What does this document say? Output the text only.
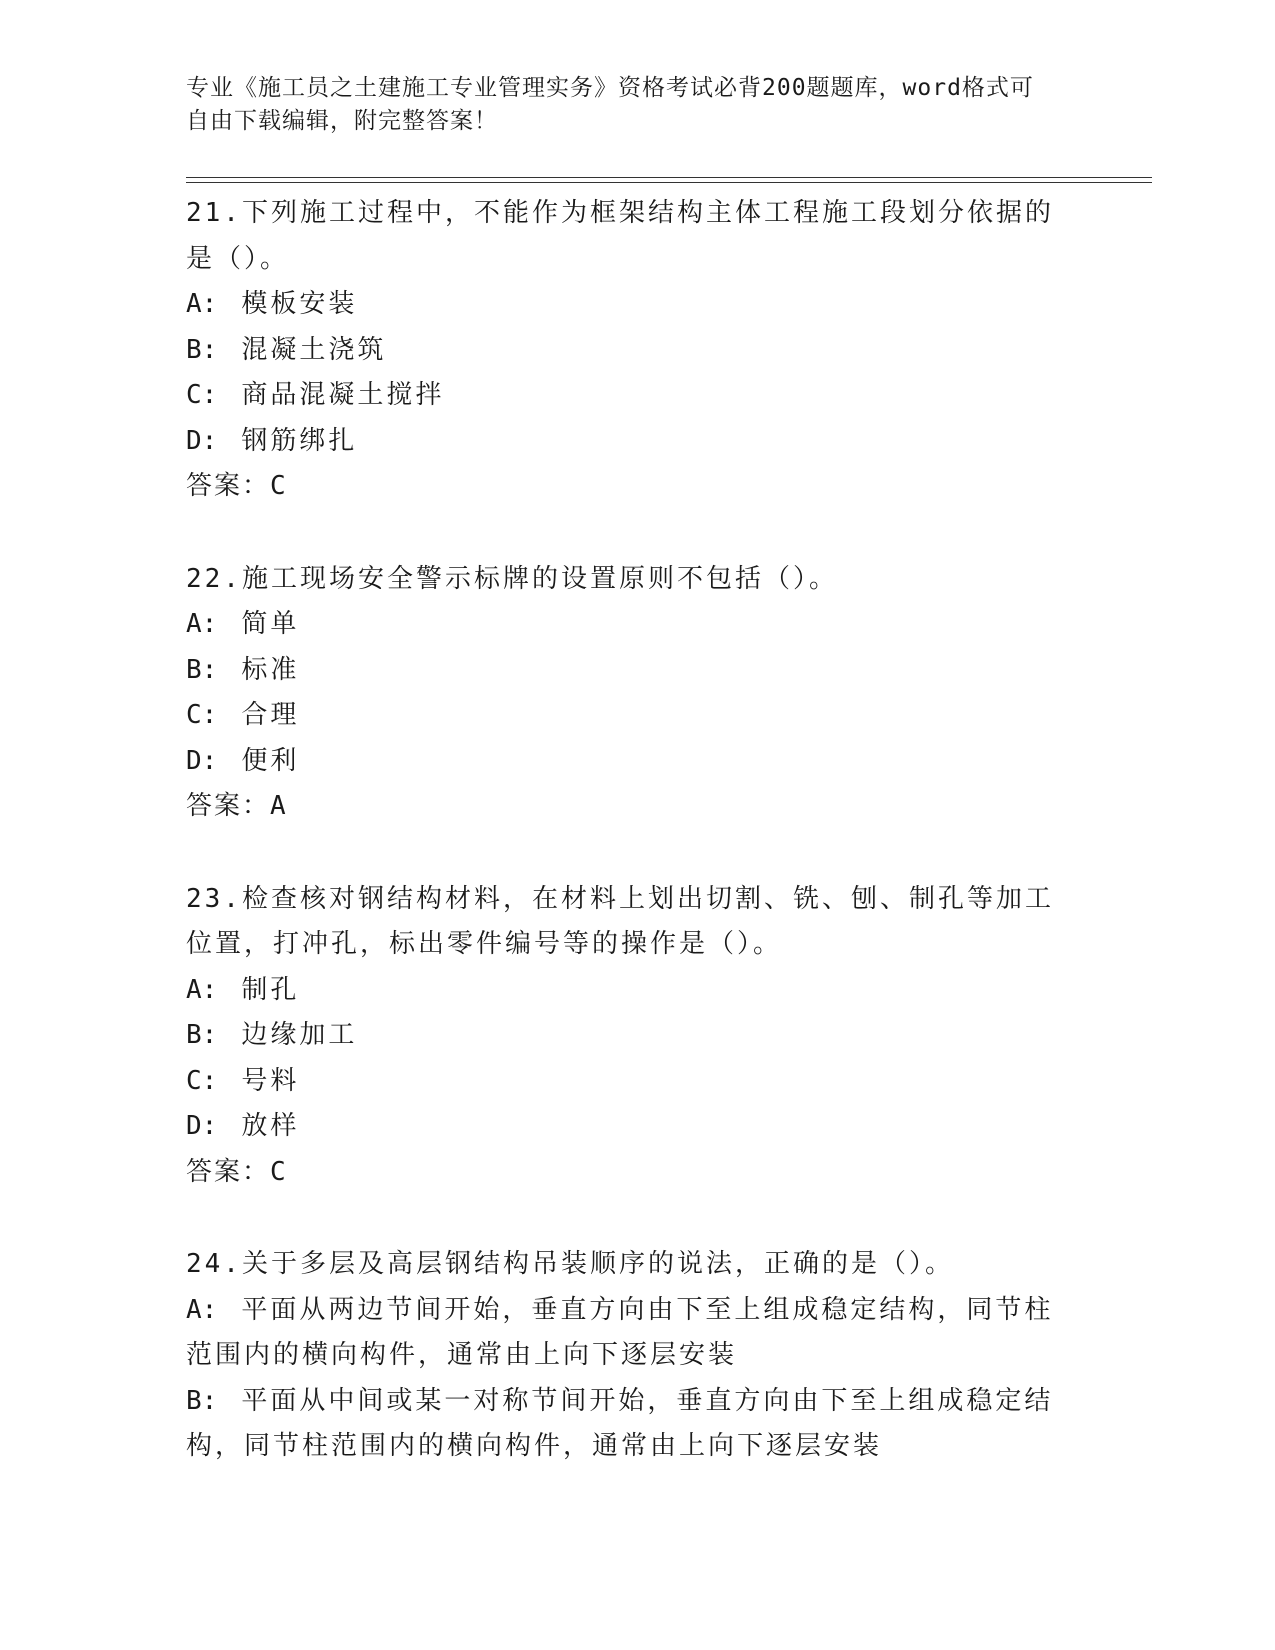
专业《施工员之土建施工专业管理实务》资格考试必背200题题库，word格式可
自由下载编辑，附完整答案！

21.下列施工过程中，不能作为框架结构主体工程施工段划分依据的是（）。

A: 模板安装

B: 混凝土浇筑

C: 商品混凝土搅拌

D: 钢筋绑扎

答案：C

22.施工现场安全警示标牌的设置原则不包括（）。

A: 简单

B: 标准

C: 合理

D: 便利

答案：A

23.检查核对钢结构材料，在材料上划出切割、铣、刨、制孔等加工位置，打冲孔，标出零件编号等的操作是（）。

A: 制孔

B: 边缘加工

C: 号料

D: 放样

答案：C

24.关于多层及高层钢结构吊装顺序的说法，正确的是（）。

A: 平面从两边节间开始，垂直方向由下至上组成稳定结构，同节柱范围内的横向构件，通常由上向下逐层安装

B: 平面从中间或某一对称节间开始，垂直方向由下至上组成稳定结构，同节柱范围内的横向构件，通常由上向下逐层安装
